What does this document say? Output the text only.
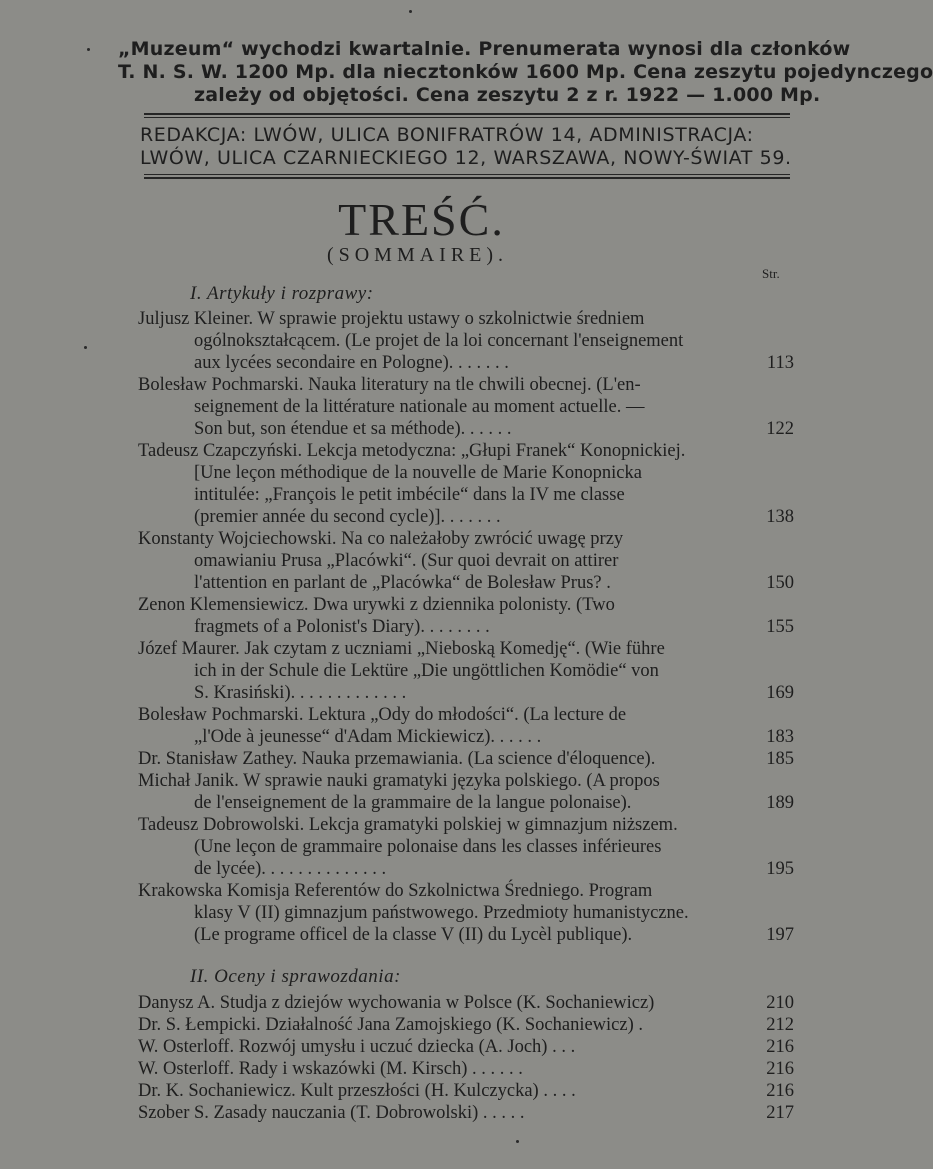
„Muzeum“ wychodzi kwartalnie. Prenumerata wynosi dla członków
T. N. S. W. 1200 Mp. dla niecztonków 1600 Mp. Cena zeszytu pojedynczego
zależy od objętości. Cena zeszytu 2 z r. 1922 — 1.000 Mp.
REDAKCJA: LWÓW, ULICA BONIFRATRÓW 14, ADMINISTRACJA:
LWÓW, ULICA CZARNIECKIEGO 12, WARSZAWA, NOWY-ŚWIAT 59.
TREŚĆ.
(SOMMAIRE).
Str.
I. Artykuły i rozprawy:
Juljusz Kleiner. W sprawie projektu ustawy o szkolnictwie średniem
ogólnokształcącem. (Le projet de la loi concernant l'enseignement
aux lycées secondaire en Pologne). . . . . . .	113
Bolesław Pochmarski. Nauka literatury na tle chwili obecnej. (L'en-
seignement de la littérature nationale au moment actuelle. —
Son but, son étendue et sa méthode). . . . . .	122
Tadeusz Czapczyński. Lekcja metodyczna: „Głupi Franek“ Konopnickiej.
[Une leçon méthodique de la nouvelle de Marie Konopnicka
intitulée: „François le petit imbécile“ dans la IV me classe
(premier année du second cycle)]. . . . . . .	138
Konstanty Wojciechowski. Na co należałoby zwrócić uwagę przy
omawianiu Prusa „Placówki“. (Sur quoi devrait on attirer
l'attention en parlant de „Placówka“ de Bolesław Prus? .	150
Zenon Klemensiewicz. Dwa urywki z dziennika polonisty. (Two
fragmets of a Polonist's Diary). . . . . . . .	155
Józef Maurer. Jak czytam z uczniami „Nieboską Komedję“. (Wie führe
ich in der Schule die Lektüre „Die ungöttlichen Komödie“ von
S. Krasiński). . . . . . . . . . . . .	169
Bolesław Pochmarski. Lektura „Ody do młodości“. (La lecture de
„l'Ode à jeunesse“ d'Adam Mickiewicz). . . . . .	183
Dr. Stanisław Zathey. Nauka przemawiania. (La science d'éloquence).	185
Michał Janik. W sprawie nauki gramatyki języka polskiego. (A propos
de l'enseignement de la grammaire de la langue polonaise).	189
Tadeusz Dobrowolski. Lekcja gramatyki polskiej w gimnazjum niższem.
(Une leçon de grammaire polonaise dans les classes inférieures
de lycée). . . . . . . . . . . . . .	195
Krakowska Komisja Referentów do Szkolnictwa Średniego. Program
klasy V (II) gimnazjum państwowego. Przedmioty humanistyczne.
(Le programe officel de la classe V (II) du Lycèl publique).	197
II. Oceny i sprawozdania:
Danysz A. Studja z dziejów wychowania w Polsce (K. Sochaniewicz)	210
Dr. S. Łempicki. Działalność Jana Zamojskiego (K. Sochaniewicz) .	212
W. Osterloff. Rozwój umysłu i uczuć dziecka (A. Joch) . . .	216
W. Osterloff. Rady i wskazówki (M. Kirsch) . . . . . .	216
Dr. K. Sochaniewicz. Kult przeszłości (H. Kulczycka) . . . .	216
Szober S. Zasady nauczania (T. Dobrowolski) . . . . .	217
